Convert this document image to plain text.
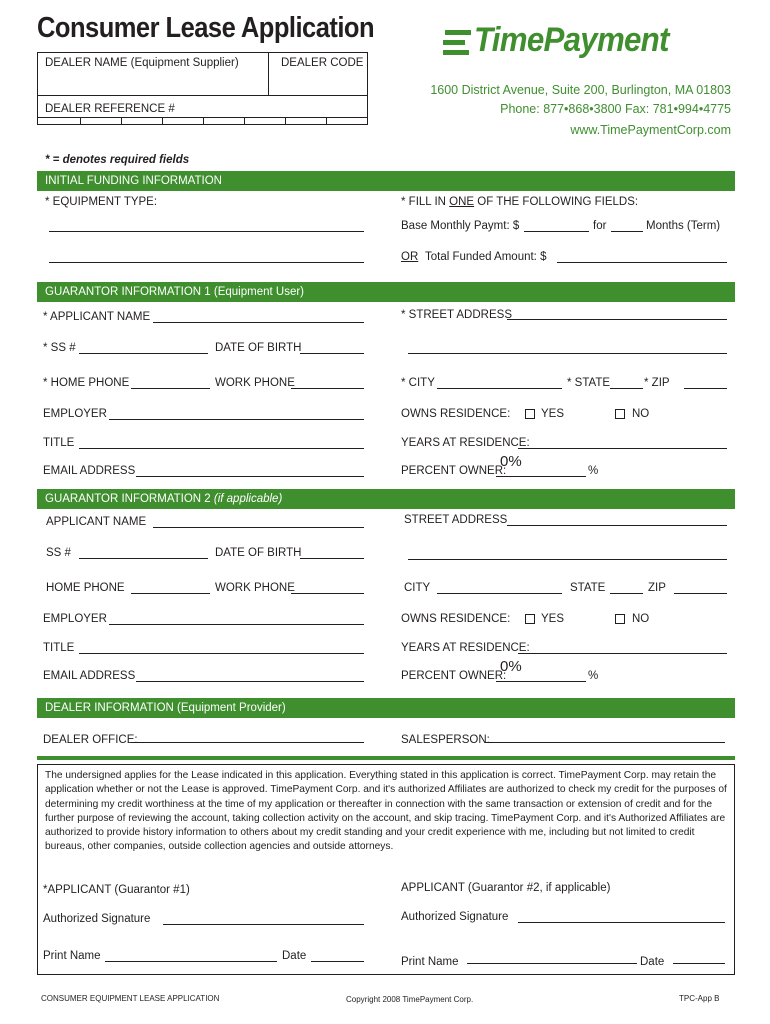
Consumer Lease Application
DEALER NAME (Equipment Supplier)	DEALER CODE
DEALER REFERENCE #
* = denotes required fields
TimePayment
1600 District Avenue, Suite 200, Burlington, MA 01803
Phone: 877•868•3800 Fax: 781•994•4775
www.TimePaymentCorp.com
INITIAL FUNDING INFORMATION
* EQUIPMENT TYPE:	* FILL IN ONE OF THE FOLLOWING FIELDS:
Base Monthly Paymt: $	for	Months (Term)
OR Total Funded Amount: $
GUARANTOR INFORMATION 1 (Equipment User)
* APPLICANT NAME	* STREET ADDRESS
* SS #	DATE OF BIRTH
* HOME PHONE	WORK PHONE	* CITY	* STATE	* ZIP
EMPLOYER	OWNS RESIDENCE:	YES	NO
TITLE	YEARS AT RESIDENCE:
EMAIL ADDRESS	PERCENT OWNER:
0%
%
GUARANTOR INFORMATION 2 (if applicable)
APPLICANT NAME	STREET ADDRESS
SS #	DATE OF BIRTH
HOME PHONE	WORK PHONE	CITY	STATE	ZIP
EMPLOYER	OWNS RESIDENCE:	YES	NO
TITLE	YEARS AT RESIDENCE:
EMAIL ADDRESS	PERCENT OWNER:
0%
%
DEALER INFORMATION (Equipment Provider)
DEALER OFFICE:	SALESPERSON:
The undersigned applies for the Lease indicated in this application. Everything stated in this application is correct. TimePayment Corp. may retain the application whether or not the Lease is approved. TimePayment Corp. and it's authorized Affiliates are authorized to check my credit for the purposes of determining my credit worthiness at the time of my application or thereafter in connection with the same transaction or extension of credit and for the further purpose of reviewing the account, taking collection activity on the account, and skip tracing. TimePayment Corp. and it's Authorized Affiliates are authorized to provide history information to others about my credit standing and your credit experience with me, including but not limited to credit bureaus, other companies, outside collection agencies and outside attorneys.
*APPLICANT (Guarantor #1)	APPLICANT (Guarantor #2, if applicable)
Authorized Signature	Authorized Signature
Print Name	Date	Print Name	Date
CONSUMER EQUIPMENT LEASE APPLICATION	Copyright 2008 TimePayment Corp.	TPC-App B
